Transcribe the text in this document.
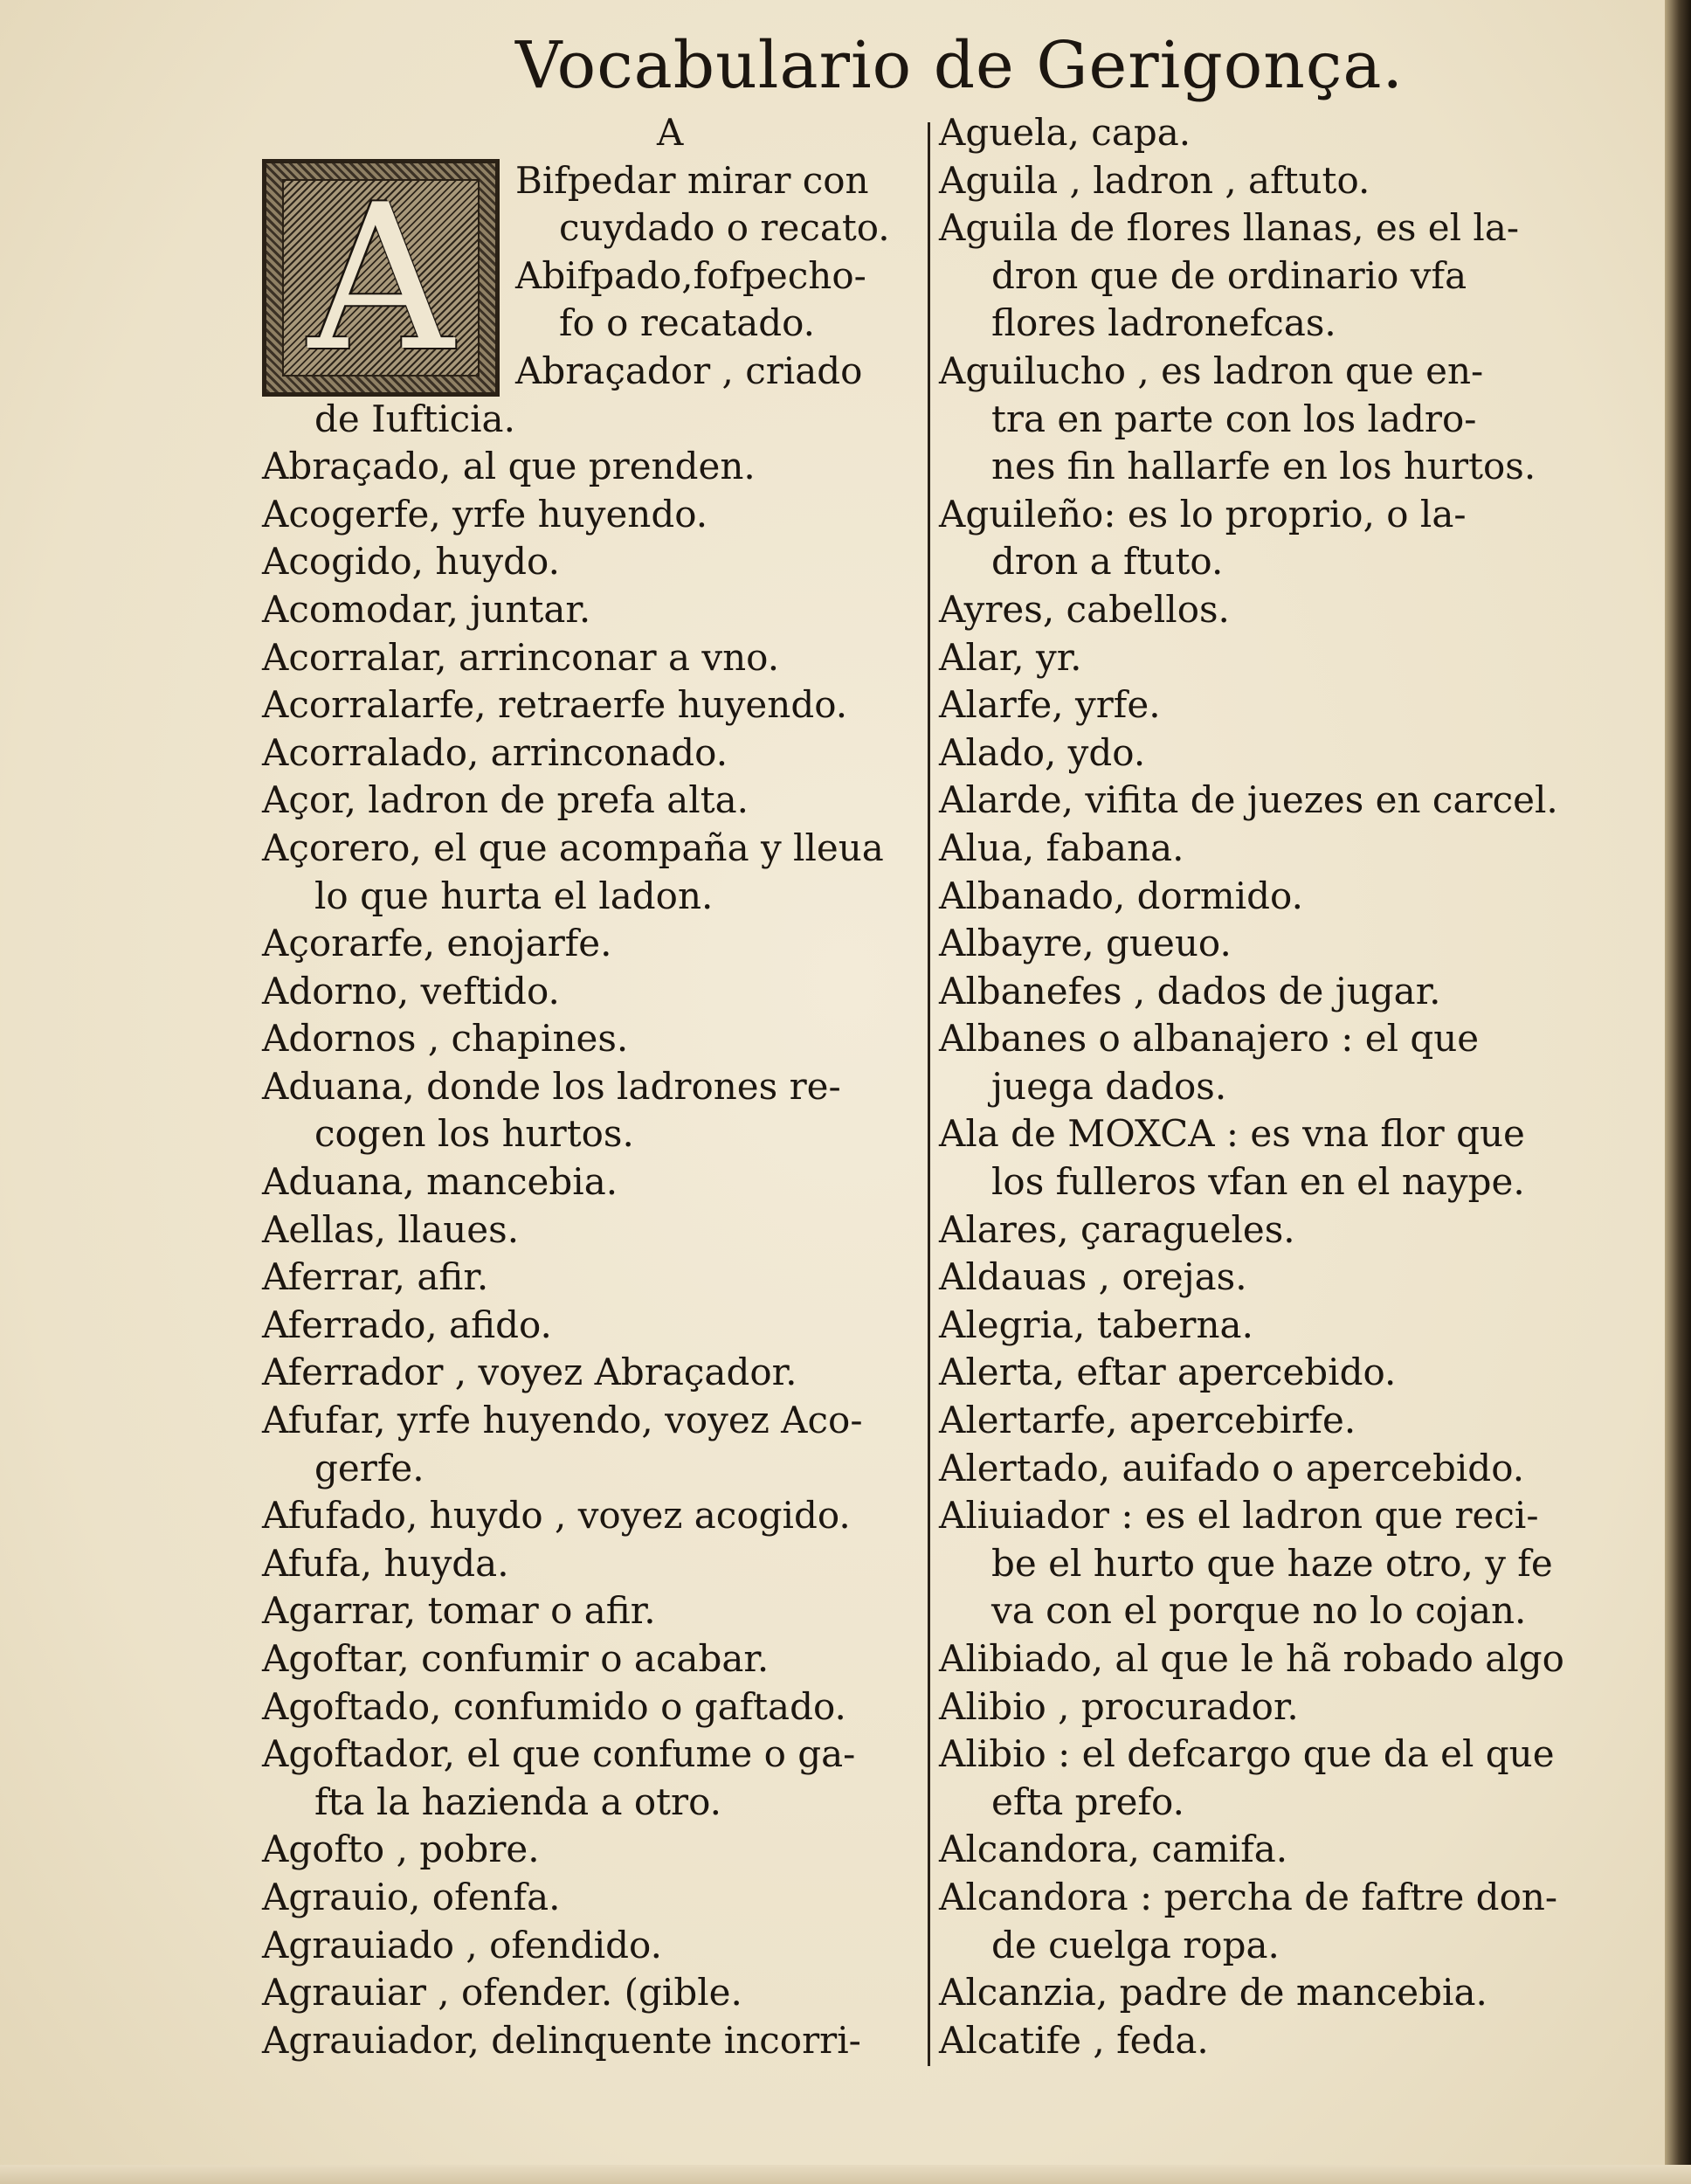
Vocabulario de Gerigonça.
A
A
Bifpedar mirar con
cuydado o recato.
Abifpado,fofpecho-
fo o recatado.
Abraçador , criado
de Iufticia.
Abraçado, al que prenden.
Acogerfe, yrfe huyendo.
Acogido, huydo.
Acomodar, juntar.
Acorralar, arrinconar a vno.
Acorralarfe, retraerfe huyendo.
Acorralado, arrinconado.
Açor, ladron de prefa alta.
Açorero, el que acompaña y lleua
lo que hurta el ladon.
Açorarfe, enojarfe.
Adorno, veftido.
Adornos , chapines.
Aduana, donde los ladrones re-
cogen los hurtos.
Aduana, mancebia.
Aellas, llaues.
Aferrar, afir.
Aferrado, afido.
Aferrador , voyez Abraçador.
Afufar, yrfe huyendo, voyez Aco-
gerfe.
Afufado, huydo , voyez acogido.
Afufa, huyda.
Agarrar, tomar o afir.
Agoftar, confumir o acabar.
Agoftado, confumido o gaftado.
Agoftador, el que confume o ga-
fta la hazienda a otro.
Agofto , pobre.
Agrauio, ofenfa.
Agrauiado , ofendido.
Agrauiar , ofender. (gible.
Agrauiador, delinquente incorri-
Aguela, capa.
Aguila , ladron , aftuto.
Aguila de flores llanas, es el la-
dron que de ordinario vfa
flores ladronefcas.
Aguilucho , es ladron que en-
tra en parte con los ladro-
nes fin hallarfe en los hurtos.
Aguileño: es lo proprio, o la-
dron a ftuto.
Ayres, cabellos.
Alar, yr.
Alarfe, yrfe.
Alado, ydo.
Alarde, vifita de juezes en carcel.
Alua, fabana.
Albanado, dormido.
Albayre, gueuo.
Albanefes , dados de jugar.
Albanes o albanajero : el que
juega dados.
Ala de MOXCA : es vna flor que
los fulleros vfan en el naype.
Alares, çaragueles.
Aldauas , orejas.
Alegria, taberna.
Alerta, eftar apercebido.
Alertarfe, apercebirfe.
Alertado, auifado o apercebido.
Aliuiador : es el ladron que reci-
be el hurto que haze otro, y fe
va con el porque no lo cojan.
Alibiado, al que le hã robado algo
Alibio , procurador.
Alibio : el defcargo que da el que
efta prefo.
Alcandora, camifa.
Alcandora : percha de faftre don-
de cuelga ropa.
Alcanzia, padre de mancebia.
Alcatife , feda.
